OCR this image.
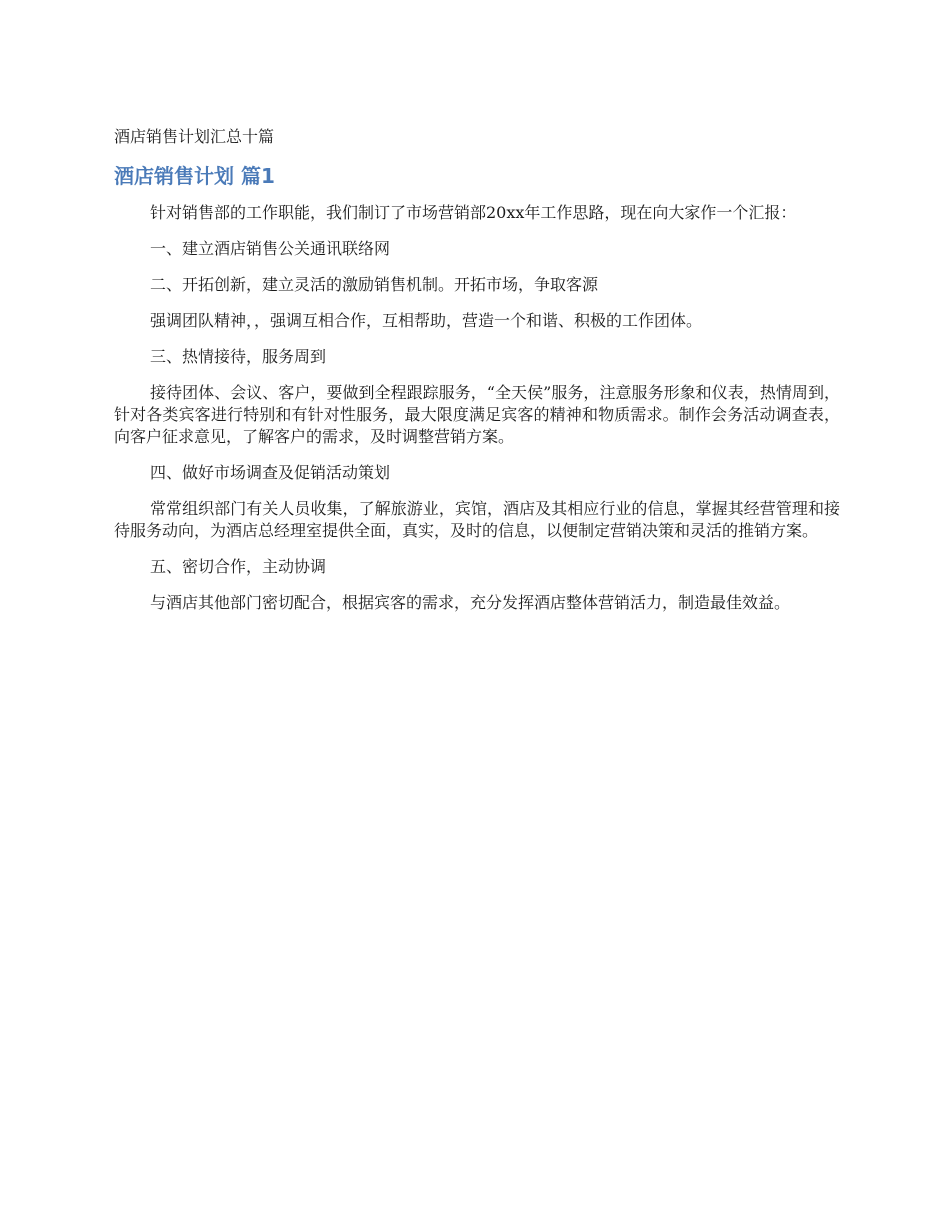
酒店销售计划汇总十篇
酒店销售计划 篇1

针对销售部的工作职能，我们制订了市场营销部20xx年工作思路，现在向大家作一个汇报：

一、建立酒店销售公关通讯联络网

二、开拓创新，建立灵活的激励销售机制。开拓市场，争取客源

强调团队精神，，强调互相合作，互相帮助，营造一个和谐、积极的工作团体。

三、热情接待，服务周到

接待团体、会议、客户，要做到全程跟踪服务，“全天侯”服务，注意服务形象和仪表，热情周到，针对各类宾客进行特别和有针对性服务，最大限度满足宾客的精神和物质需求。制作会务活动调查表，向客户征求意见，了解客户的需求，及时调整营销方案。

四、做好市场调查及促销活动策划

常常组织部门有关人员收集，了解旅游业，宾馆，酒店及其相应行业的信息，掌握其经营管理和接待服务动向，为酒店总经理室提供全面，真实，及时的信息，以便制定营销决策和灵活的推销方案。

五、密切合作，主动协调

与酒店其他部门密切配合，根据宾客的需求，充分发挥酒店整体营销活力，制造最佳效益。
